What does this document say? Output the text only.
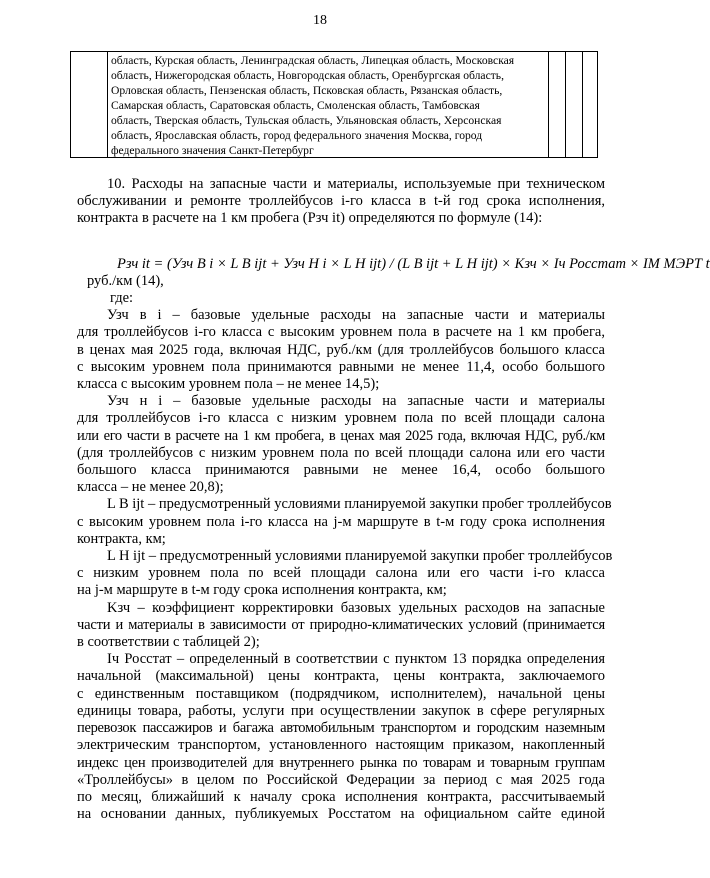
18
область, Курская область, Ленинградская область, Липецкая область, Московская
область, Нижегородская область, Новгородская область, Оренбургская область,
Орловская область, Пензенская область, Псковская область, Рязанская область,
Самарская область, Саратовская область, Смоленская область, Тамбовская
область, Тверская область, Тульская область, Ульяновская область, Херсонская
область, Ярославская область, город федерального значения Москва, город
федерального значения Санкт-Петербург
10. Расходы на запасные части и материалы, используемые при техническом
обслуживании и ремонте троллейбусов i-го класса в t-й год срока исполнения,
контракта в расчете на 1 км пробега (Рзч it) определяются по формуле (14):
Pзч it = (Узч B i × L B ijt + Узч H i × L H ijt) / (L B ijt + L H ijt) × Kзч × Iч Росстат × IМ МЭРТ t
руб./км (14),
где:
Узч в i – базовые удельные расходы на запасные части и материалы
для троллейбусов i-го класса с высоким уровнем пола в расчете на 1 км пробега,
в ценах мая 2025 года, включая НДС, руб./км (для троллейбусов большого класса
с высоким уровнем пола принимаются равными не менее 11,4, особо большого
класса с высоким уровнем пола – не менее 14,5);
Узч н i – базовые удельные расходы на запасные части и материалы
для троллейбусов i-го класса с низким уровнем пола по всей площади салона
или его части в расчете на 1 км пробега, в ценах мая 2025 года, включая НДС, руб./км
(для троллейбусов с низким уровнем пола по всей площади салона или его части
большого класса принимаются равными не менее 16,4, особо большого
класса – не менее 20,8);
L B ijt – предусмотренный условиями планируемой закупки пробег троллейбусов
с высоким уровнем пола i-го класса на j-м маршруте в t-м году срока исполнения
контракта, км;
L H ijt – предусмотренный условиями планируемой закупки пробег троллейбусов
с низким уровнем пола по всей площади салона или его части i-го класса
на j-м маршруте в t-м году срока исполнения контракта, км;
Kзч – коэффициент корректировки базовых удельных расходов на запасные
части и материалы в зависимости от природно-климатических условий (принимается
в соответствии с таблицей 2);
Iч Росстат – определенный в соответствии с пунктом 13 порядка определения
начальной (максимальной) цены контракта, цены контракта, заключаемого
с единственным поставщиком (подрядчиком, исполнителем), начальной цены
единицы товара, работы, услуги при осуществлении закупок в сфере регулярных
перевозок пассажиров и багажа автомобильным транспортом и городским наземным
электрическим транспортом, установленного настоящим приказом, накопленный
индекс цен производителей для внутреннего рынка по товарам и товарным группам
«Троллейбусы» в целом по Российской Федерации за период с мая 2025 года
по месяц, ближайший к началу срока исполнения контракта, рассчитываемый
на основании данных, публикуемых Росстатом на официальном сайте единой
